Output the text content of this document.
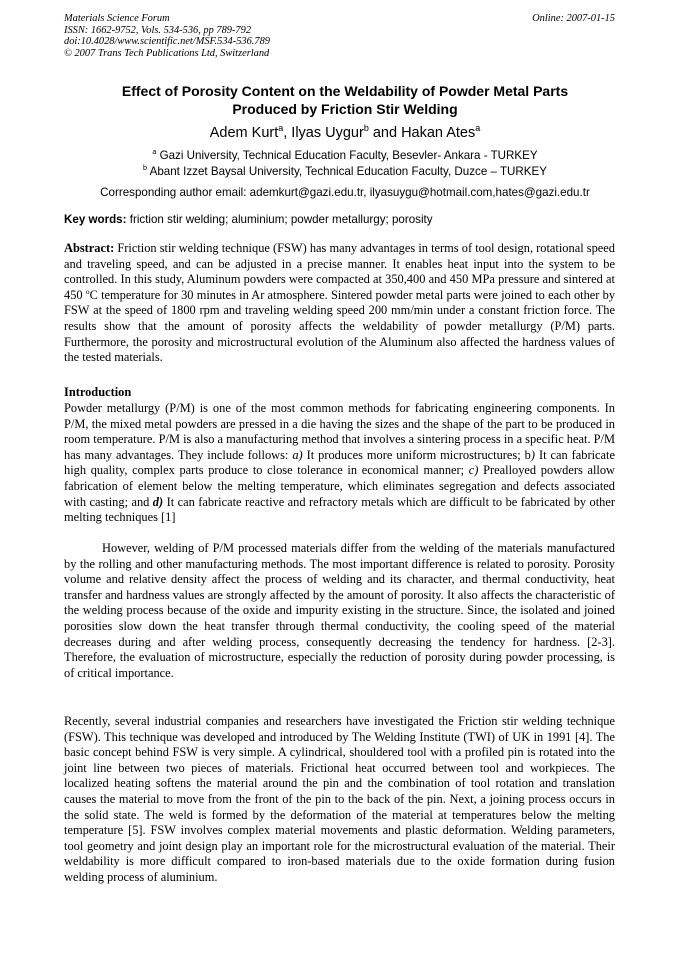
Materials Science Forum
ISSN: 1662-9752, Vols. 534-536, pp 789-792
doi:10.4028/www.scientific.net/MSF.534-536.789
© 2007 Trans Tech Publications Ltd, Switzerland
Online: 2007-01-15
Effect of Porosity Content on the Weldability of Powder Metal Parts
Produced by Friction Stir Welding
Adem Kurt$^a$, Ilyas Uygur$^b$ and Hakan Ates$^a$
$^a$ Gazi University, Technical Education Faculty, Besevler- Ankara - TURKEY
$^b$ Abant Izzet Baysal University, Technical Education Faculty, Duzce – TURKEY
Corresponding author email: ademkurt@gazi.edu.tr, ilyasuygu@hotmail.com,hates@gazi.edu.tr
Key words: friction stir welding; aluminium; powder metallurgy; porosity
Abstract: Friction stir welding technique (FSW) has many advantages in terms of tool design, rotational speed and traveling speed, and can be adjusted in a precise manner. It enables heat input into the system to be controlled. In this study, Aluminum powders were compacted at 350,400 and 450 MPa pressure and sintered at 450 $^o$C temperature for 30 minutes in Ar atmosphere. Sintered powder metal parts were joined to each other by FSW at the speed of 1800 rpm and traveling welding speed 200 mm/min under a constant friction force. The results show that the amount of porosity affects the weldability of powder metallurgy (P/M) parts. Furthermore, the porosity and microstructural evolution of the Aluminum also affected the hardness values of the tested materials.
Introduction
Powder metallurgy (P/M) is one of the most common methods for fabricating engineering components. In P/M, the mixed metal powders are pressed in a die having the sizes and the shape of the part to be produced in room temperature. P/M is also a manufacturing method that involves a sintering process in a specific heat. P/M has many advantages. They include follows: a) It produces more uniform microstructures; b) It can fabricate high quality, complex parts produce to close tolerance in economical manner; c) Prealloyed powders allow fabrication of element below the melting temperature, which eliminates segregation and defects associated with casting; and d) It can fabricate reactive and refractory metals which are difficult to be fabricated by other melting techniques [1]
However, welding of P/M processed materials differ from the welding of the materials manufactured by the rolling and other manufacturing methods. The most important difference is related to porosity. Porosity volume and relative density affect the process of welding and its character, and thermal conductivity, heat transfer and hardness values are strongly affected by the amount of porosity. It also affects the characteristic of the welding process because of the oxide and impurity existing in the structure. Since, the isolated and joined porosities slow down the heat transfer through thermal conductivity, the cooling speed of the material decreases during and after welding process, consequently decreasing the tendency for hardness. [2-3]. Therefore, the evaluation of microstructure, especially the reduction of porosity during powder processing, is of critical importance.
Recently, several industrial companies and researchers have investigated the Friction stir welding technique (FSW). This technique was developed and introduced by The Welding Institute (TWI) of UK in 1991 [4]. The basic concept behind FSW is very simple. A cylindrical, shouldered tool with a profiled pin is rotated into the joint line between two pieces of materials. Frictional heat occurred between tool and workpieces. The localized heating softens the material around the pin and the combination of tool rotation and translation causes the material to move from the front of the pin to the back of the pin. Next, a joining process occurs in the solid state. The weld is formed by the deformation of the material at temperatures below the melting temperature [5]. FSW involves complex material movements and plastic deformation. Welding parameters, tool geometry and joint design play an important role for the microstructural evaluation of the material. Their weldability is more difficult compared to iron-based materials due to the oxide formation during fusion welding process of aluminium.
